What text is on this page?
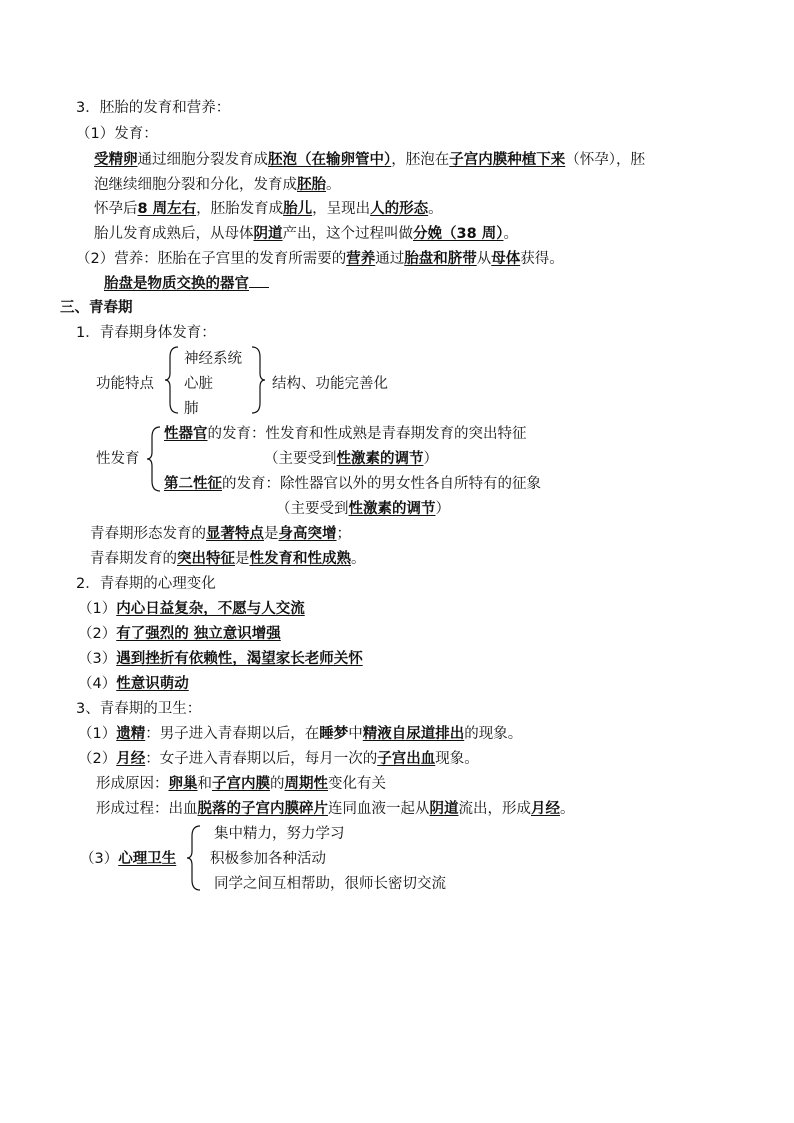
3．胚胎的发育和营养：
（1）发育：
受精卵通过细胞分裂发育成胚泡（在输卵管中），胚泡在子宫内膜种植下来（怀孕），胚
泡继续细胞分裂和分化，发育成胚胎。
怀孕后8 周左右，胚胎发育成胎儿，呈现出人的形态。
胎儿发育成熟后，从母体阴道产出，这个过程叫做分娩（38 周）。
（2）营养：胚胎在子宫里的发育所需要的营养通过胎盘和脐带从母体获得。
胎盘是物质交换的器官
三、青春期
1．青春期身体发育：
功能特点
神经系统
心脏
肺
结构、功能完善化
性发育
性器官的发育：性发育和性成熟是青春期发育的突出特征
（主要受到性激素的调节）
第二性征的发育：除性器官以外的男女性各自所特有的征象
（主要受到性激素的调节）
青春期形态发育的显著特点是身高突增；
青春期发育的突出特征是性发育和性成熟。
2．青春期的心理变化
（1）内心日益复杂，不愿与人交流
（2）有了强烈的 独立意识增强
（3）遇到挫折有依赖性，渴望家长老师关怀
（4）性意识萌动
3、青春期的卫生：
（1）遗精：男子进入青春期以后，在睡梦中精液自尿道排出的现象。
（2）月经：女子进入青春期以后，每月一次的子宫出血现象。
形成原因：卵巢和子宫内膜的周期性变化有关
形成过程：出血脱落的子宫内膜碎片连同血液一起从阴道流出，形成月经。
（3）心理卫生
集中精力，努力学习
积极参加各种活动
同学之间互相帮助，很师长密切交流
